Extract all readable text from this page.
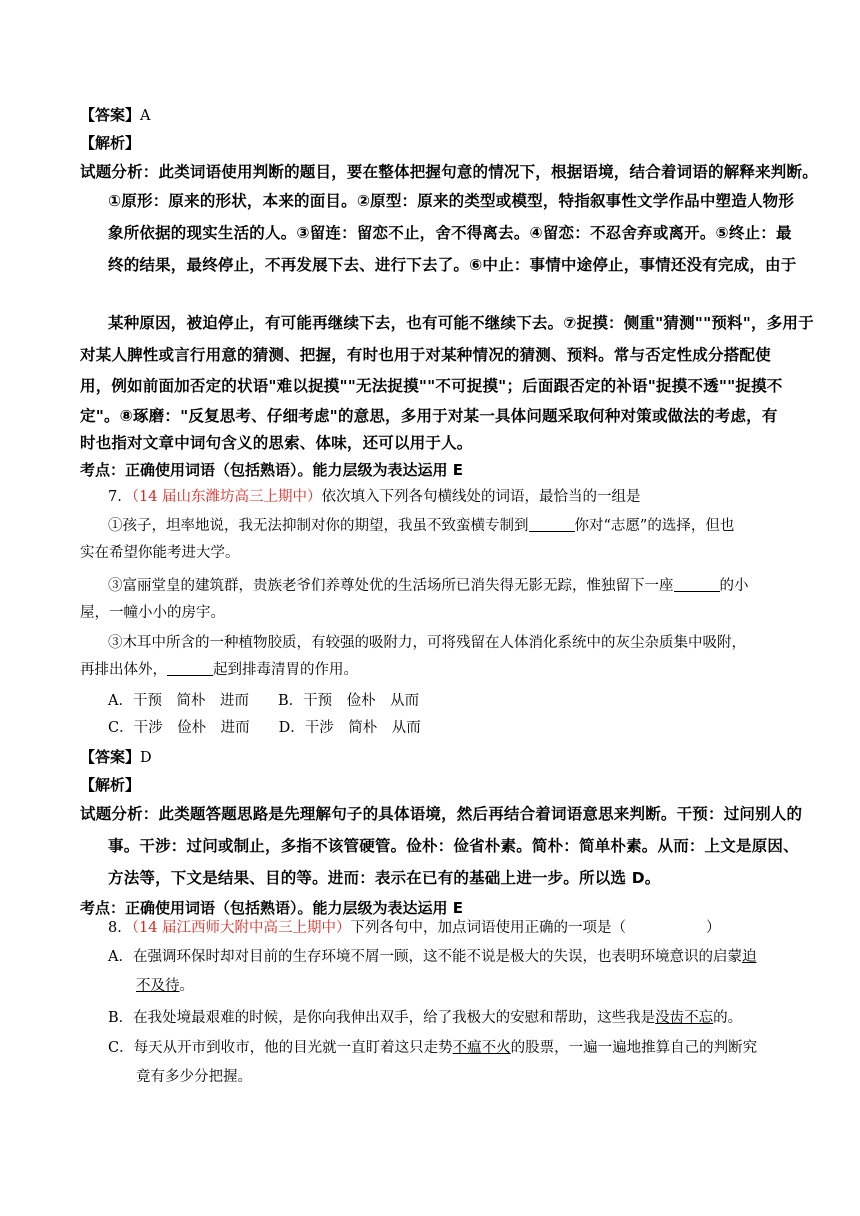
【答案】A
【解析】
试题分析：此类词语使用判断的题目，要在整体把握句意的情况下，根据语境，结合着词语的解释来判断。
①原形：原来的形状，本来的面目。②原型：原来的类型或模型，特指叙事性文学作品中塑造人物形
象所依据的现实生活的人。③留连：留恋不止，舍不得离去。④留恋：不忍舍弃或离开。⑤终止：最
终的结果，最终停止，不再发展下去、进行下去了。⑥中止：事情中途停止，事情还没有完成，由于
某种原因，被迫停止，有可能再继续下去，也有可能不继续下去。⑦捉摸：侧重"猜测""预料"，多用于
对某人脾性或言行用意的猜测、把握，有时也用于对某种情况的猜测、预料。常与否定性成分搭配使
用，例如前面加否定的状语"难以捉摸""无法捉摸""不可捉摸"；后面跟否定的补语"捉摸不透""捉摸不
定"。⑧琢磨："反复思考、仔细考虑"的意思，多用于对某一具体问题采取何种对策或做法的考虑，有
时也指对文章中词句含义的思索、体味，还可以用于人。
考点：正确使用词语（包括熟语）。能力层级为表达运用 E
7．（14 届山东潍坊高三上期中）依次填入下列各句横线处的词语，最恰当的一组是
①孩子，坦率地说，我无法抑制对你的期望，我虽不致蛮横专制到	你对“志愿”的选择，但也
实在希望你能考进大学。
③富丽堂皇的建筑群，贵族老爷们养尊处优的生活场所已消失得无影无踪，惟独留下一座	的小
屋，一幢小小的房宇。
③木耳中所含的一种植物胶质，有较强的吸附力，可将残留在人体消化系统中的灰尘杂质集中吸附，
再排出体外，	起到排毒清胃的作用。
A．干预　简朴　进而　　B．干预　俭朴　从而
C．干涉　俭朴　进而　　D．干涉　简朴　从而
【答案】D
【解析】
试题分析：此类题答题思路是先理解句子的具体语境，然后再结合着词语意思来判断。干预：过问别人的
事。干涉：过问或制止，多指不该管硬管。俭朴：俭省朴素。简朴：简单朴素。从而：上文是原因、
方法等，下文是结果、目的等。进而：表示在已有的基础上进一步。所以选 D。
考点：正确使用词语（包括熟语）。能力层级为表达运用 E
8．（14 届江西师大附中高三上期中）下列各句中，加点词语使用正确的一项是（	）
A．在强调环保时却对目前的生存环境不屑一顾，这不能不说是极大的失误，也表明环境意识的启蒙迫
不及待。
B．在我处境最艰难的时候，是你向我伸出双手，给了我极大的安慰和帮助，这些我是没齿不忘的。
C．每天从开市到收市，他的目光就一直盯着这只走势不瘟不火的股票，一遍一遍地推算自己的判断究
竟有多少分把握。
